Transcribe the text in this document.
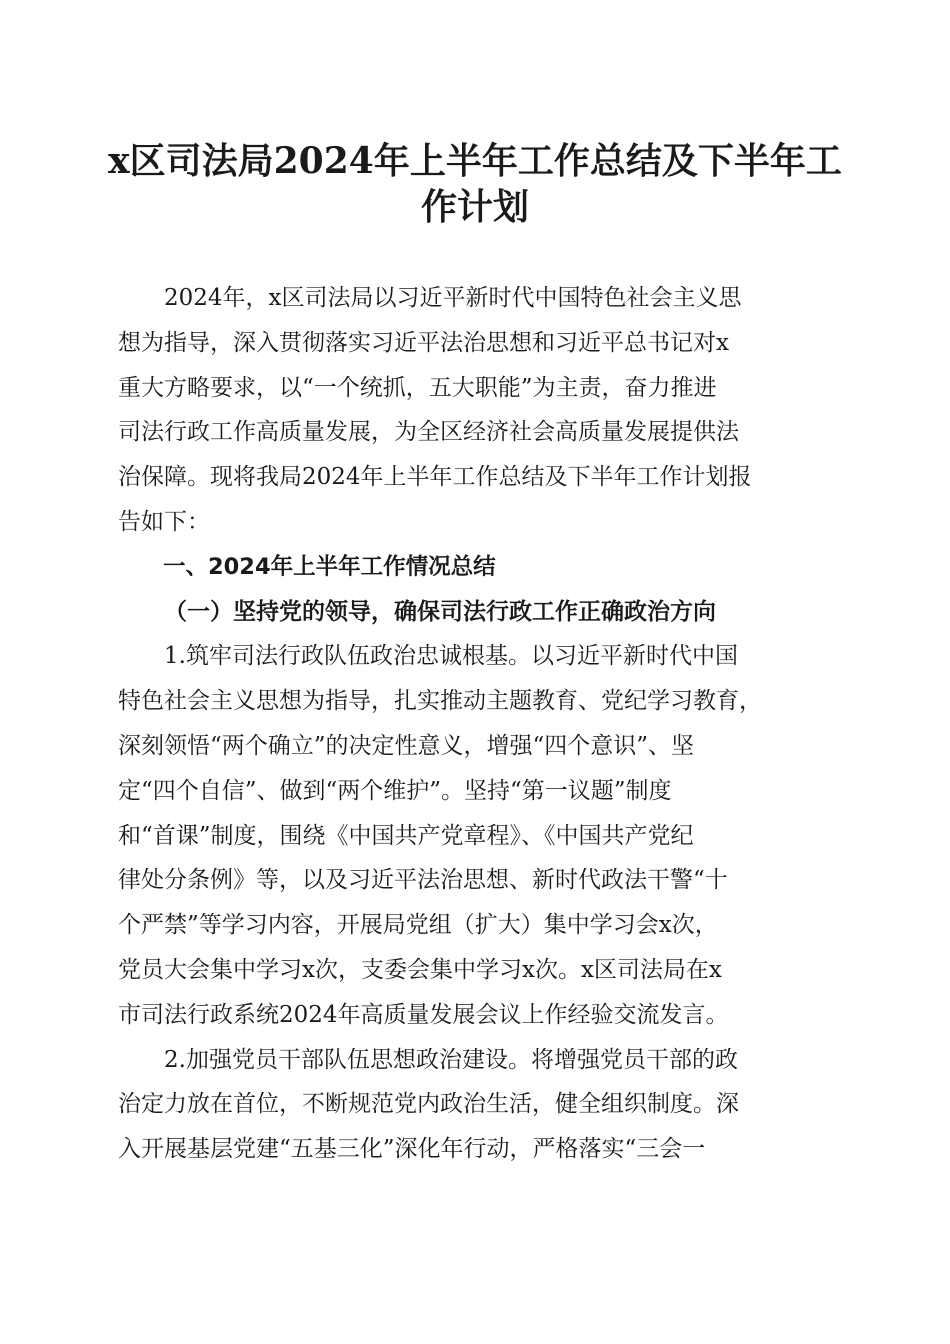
x区司法局2024年上半年工作总结及下半年工
作计划

2024年，x区司法局以习近平新时代中国特色社会主义思
想为指导，深入贯彻落实习近平法治思想和习近平总书记对x
重大方略要求，以“一个统抓，五大职能”为主责，奋力推进
司法行政工作高质量发展，为全区经济社会高质量发展提供法
治保障。现将我局2024年上半年工作总结及下半年工作计划报
告如下：

一、2024年上半年工作情况总结

（一）坚持党的领导，确保司法行政工作正确政治方向

1.筑牢司法行政队伍政治忠诚根基。以习近平新时代中国
特色社会主义思想为指导，扎实推动主题教育、党纪学习教育，
深刻领悟“两个确立”的决定性意义，增强“四个意识”、坚
定“四个自信”、做到“两个维护”。坚持“第一议题”制度
和“首课”制度，围绕《中国共产党章程》、《中国共产党纪
律处分条例》等，以及习近平法治思想、新时代政法干警“十
个严禁”等学习内容，开展局党组（扩大）集中学习会x次，
党员大会集中学习x次，支委会集中学习x次。x区司法局在x
市司法行政系统2024年高质量发展会议上作经验交流发言。

2.加强党员干部队伍思想政治建设。将增强党员干部的政
治定力放在首位，不断规范党内政治生活，健全组织制度。深
入开展基层党建“五基三化”深化年行动，严格落实“三会一
